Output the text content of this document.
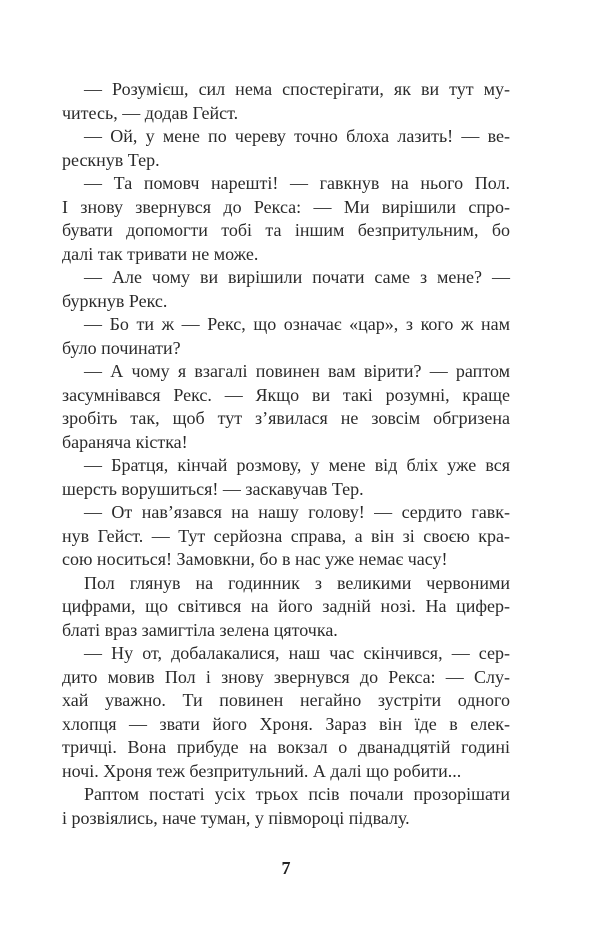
— Розумієш, сил нема спостерігати, як ви тут му-
читесь, — додав Гейст.
— Ой, у мене по череву точно блоха лазить! — ве-
рескнув Тер.
— Та помовч нарешті! — гавкнув на нього Пол.
І знову звернувся до Рекса: — Ми вирішили спро-
бувати допомогти тобі та іншим безпритульним, бо
далі так тривати не може.
— Але чому ви вирішили почати саме з мене? —
буркнув Рекс.
— Бо ти ж — Рекс, що означає «цар», з кого ж нам
було починати?
— А чому я взагалі повинен вам вірити? — раптом
засумнівався Рекс. — Якщо ви такі розумні, краще
зробіть так, щоб тут з’явилася не зовсім обгризена
бараняча кістка!
— Братця, кінчай розмову, у мене від бліх уже вся
шерсть ворушиться! — заскавучав Тер.
— От нав’язався на нашу голову! — сердито гавк-
нув Гейст. — Тут серйозна справа, а він зі своєю кра-
сою носиться! Замовкни, бо в нас уже немає часу!
Пол глянув на годинник з великими червоними
цифрами, що світився на його задній нозі. На цифер-
блаті враз замигтіла зелена цяточка.
— Ну от, добалакалися, наш час скінчився, — сер-
дито мовив Пол і знову звернувся до Рекса: — Слу-
хай уважно. Ти повинен негайно зустріти одного
хлопця — звати його Хроня. Зараз він їде в елек-
тричці. Вона прибуде на вокзал о дванадцятій годині
ночі. Хроня теж безпритульний. А далі що робити...
Раптом постаті усіх трьох псів почали прозорішати
і розвіялись, наче туман, у півмороці підвалу.
7
